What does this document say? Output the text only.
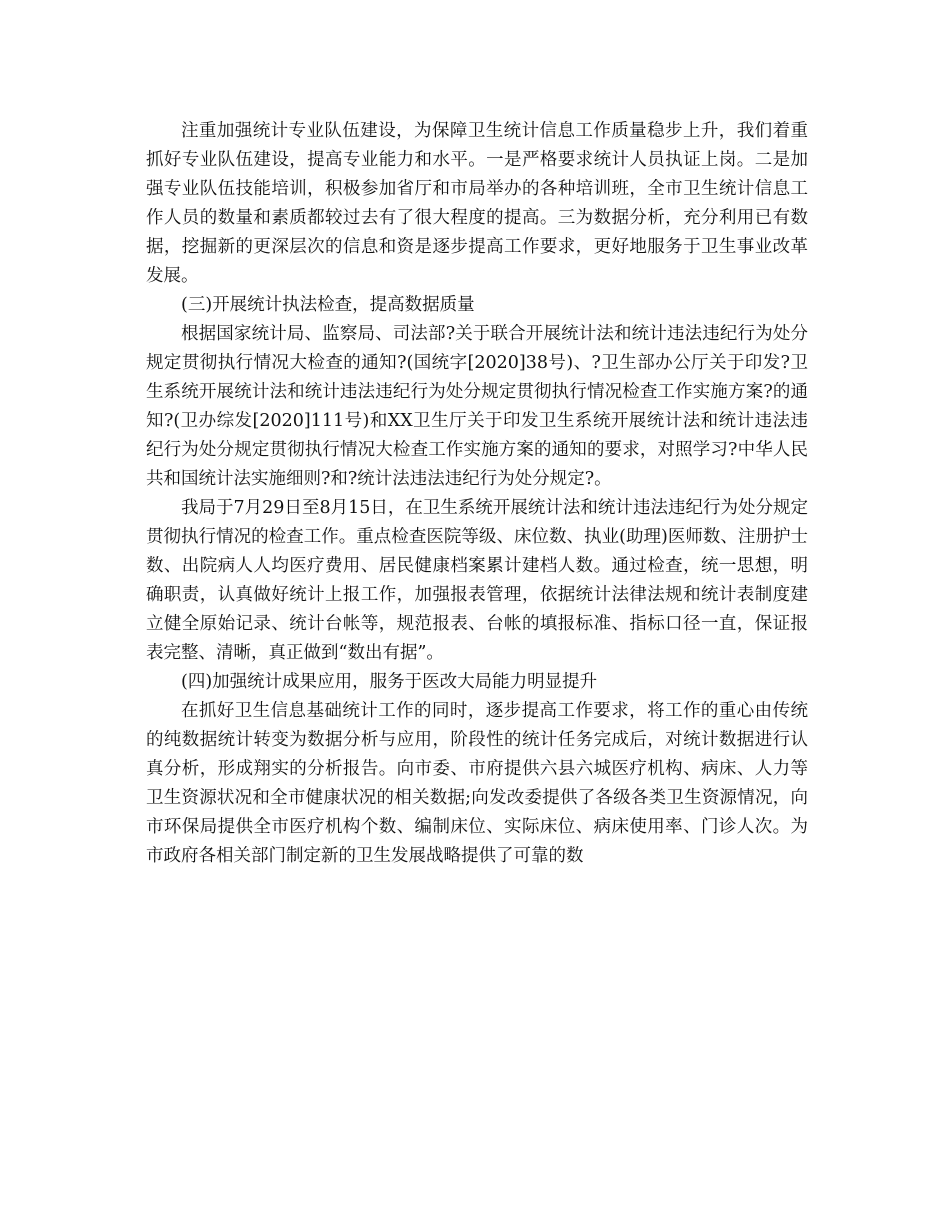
注重加强统计专业队伍建设，为保障卫生统计信息工作质量稳步上升，我们着重抓好专业队伍建设，提高专业能力和水平。一是严格要求统计人员执证上岗。二是加强专业队伍技能培训，积极参加省厅和市局举办的各种培训班，全市卫生统计信息工作人员的数量和素质都较过去有了很大程度的提高。三为数据分析，充分利用已有数据，挖掘新的更深层次的信息和资是逐步提高工作要求，更好地服务于卫生事业改革发展。

(三)开展统计执法检查，提高数据质量

根据国家统计局、监察局、司法部?关于联合开展统计法和统计违法违纪行为处分规定贯彻执行情况大检查的通知?(国统字[2020]38号)、?卫生部办公厅关于印发?卫生系统开展统计法和统计违法违纪行为处分规定贯彻执行情况检查工作实施方案?的通知?(卫办综发[2020]111号)和XX卫生厅关于印发卫生系统开展统计法和统计违法违纪行为处分规定贯彻执行情况大检查工作实施方案的通知的要求，对照学习?中华人民共和国统计法实施细则?和?统计法违法违纪行为处分规定?。

我局于7月29日至8月15日，在卫生系统开展统计法和统计违法违纪行为处分规定贯彻执行情况的检查工作。重点检查医院等级、床位数、执业(助理)医师数、注册护士数、出院病人人均医疗费用、居民健康档案累计建档人数。通过检查，统一思想，明确职责，认真做好统计上报工作，加强报表管理，依据统计法律法规和统计表制度建立健全原始记录、统计台帐等，规范报表、台帐的填报标准、指标口径一直，保证报表完整、清晰，真正做到“数出有据”。

(四)加强统计成果应用，服务于医改大局能力明显提升

在抓好卫生信息基础统计工作的同时，逐步提高工作要求，将工作的重心由传统的纯数据统计转变为数据分析与应用，阶段性的统计任务完成后，对统计数据进行认真分析，形成翔实的分析报告。向市委、市府提供六县六城医疗机构、病床、人力等卫生资源状况和全市健康状况的相关数据;向发改委提供了各级各类卫生资源情况，向市环保局提供全市医疗机构个数、编制床位、实际床位、病床使用率、门诊人次。为市政府各相关部门制定新的卫生发展战略提供了可靠的数
